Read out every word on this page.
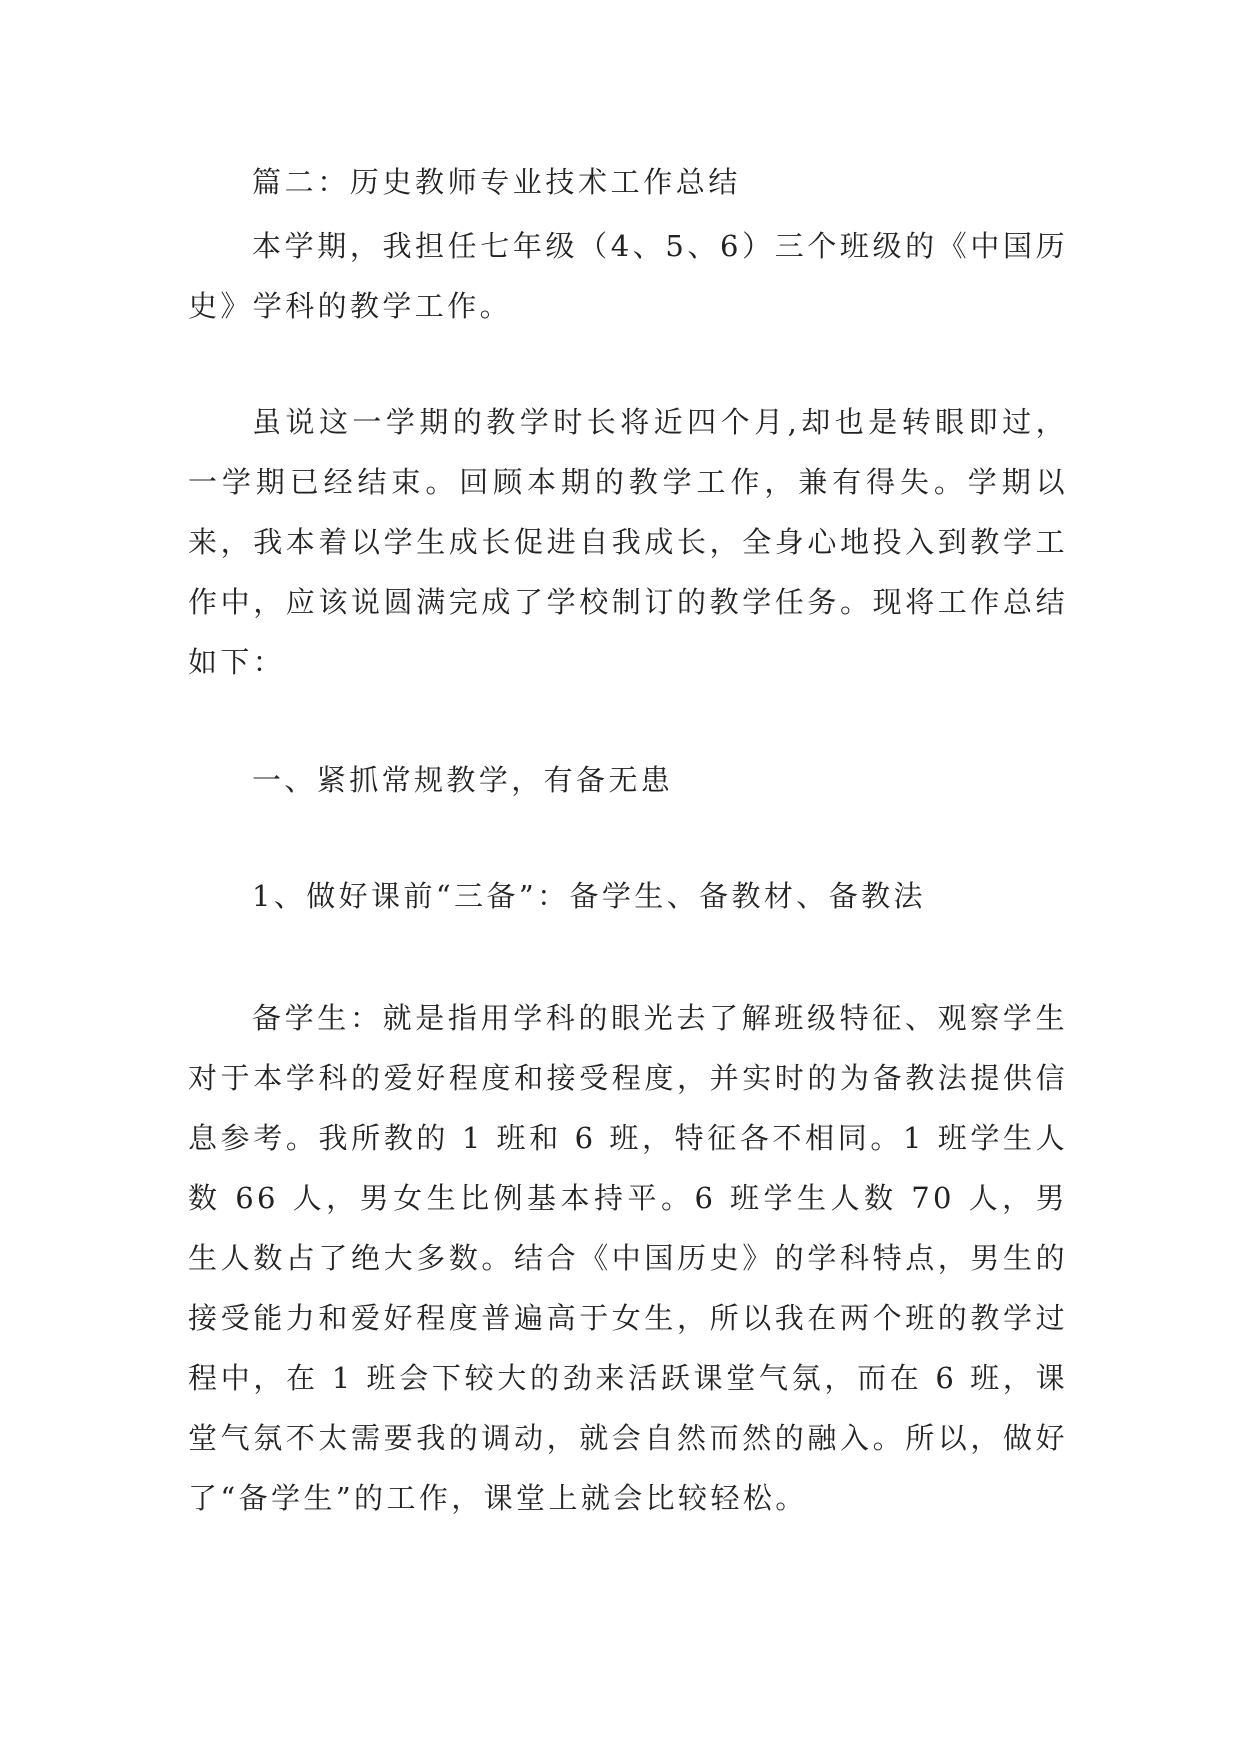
篇二：历史教师专业技术工作总结

本学期，我担任七年级（4、5、6）三个班级的《中国历史》学科的教学工作。

虽说这一学期的教学时长将近四个月,却也是转眼即过，一学期已经结束。回顾本期的教学工作，兼有得失。学期以来，我本着以学生成长促进自我成长，全身心地投入到教学工作中，应该说圆满完成了学校制订的教学任务。现将工作总结如下：

一、紧抓常规教学，有备无患

1、做好课前“三备”：备学生、备教材、备教法

备学生：就是指用学科的眼光去了解班级特征、观察学生对于本学科的爱好程度和接受程度，并实时的为备教法提供信息参考。我所教的 1 班和 6 班，特征各不相同。1 班学生人数 66 人，男女生比例基本持平。6 班学生人数 70 人，男生人数占了绝大多数。结合《中国历史》的学科特点，男生的接受能力和爱好程度普遍高于女生，所以我在两个班的教学过程中，在 1 班会下较大的劲来活跃课堂气氛，而在 6 班，课堂气氛不太需要我的调动，就会自然而然的融入。所以，做好了“备学生”的工作，课堂上就会比较轻松。
